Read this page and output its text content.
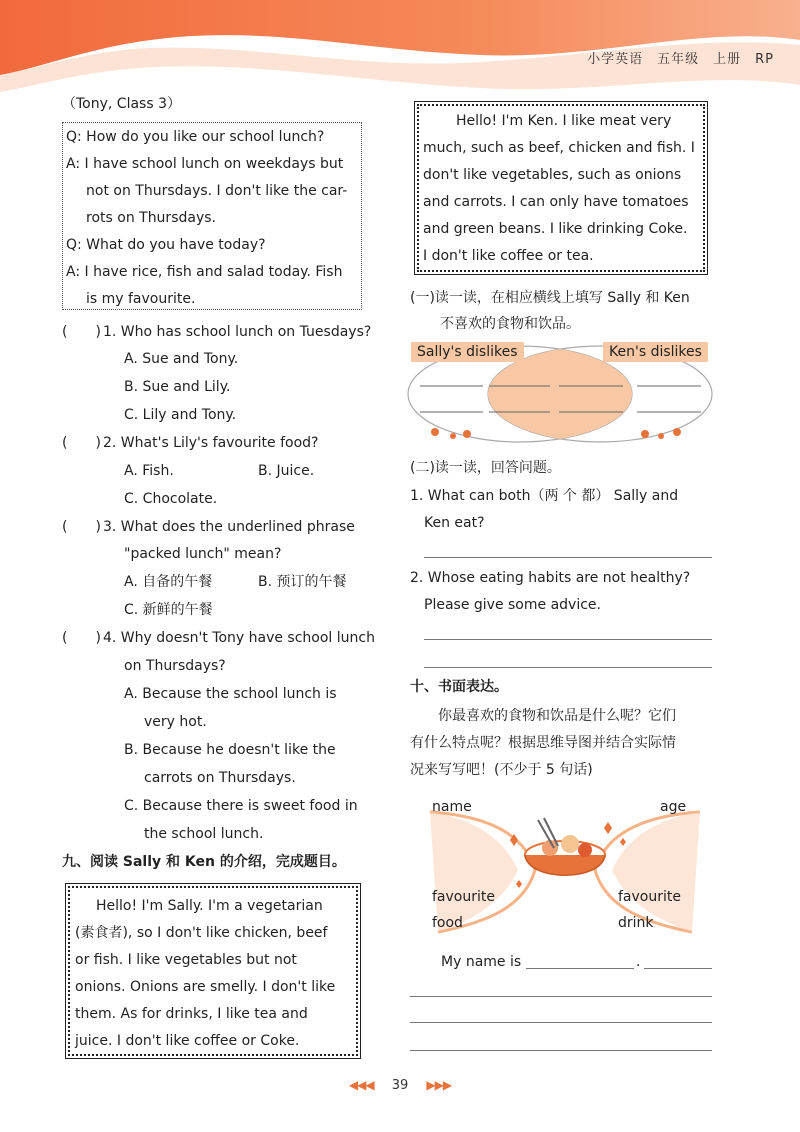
小学英语　五年级　上册　RP
（Tony, Class 3）
Q: How do you like our school lunch?
A: I have school lunch on weekdays but
not on Thursdays. I don't like the car-
rots on Thursdays.
Q: What do you have today?
A: I have rice, fish and salad today. Fish
is my favourite.
(　　) 1. Who has school lunch on Tuesdays?
A. Sue and Tony.
B. Sue and Lily.
C. Lily and Tony.
(　　) 2. What's Lily's favourite food?
A. Fish.	B. Juice.
C. Chocolate.
(　　) 3. What does the underlined phrase
"packed lunch" mean?
A. 自备的午餐	B. 预订的午餐
C. 新鲜的午餐
(　　) 4. Why doesn't Tony have school lunch
on Thursdays?
A. Because the school lunch is
very hot.
B. Because he doesn't like the
carrots on Thursdays.
C. Because there is sweet food in
the school lunch.
九、阅读 Sally 和 Ken 的介绍，完成题目。
Hello! I'm Sally. I'm a vegetarian
(素食者), so I don't like chicken, beef
or fish. I like vegetables but not
onions. Onions are smelly. I don't like
them. As for drinks, I like tea and
juice. I don't like coffee or Coke.
Hello! I'm Ken. I like meat very
much, such as beef, chicken and fish. I
don't like vegetables, such as onions
and carrots. I can only have tomatoes
and green beans. I like drinking Coke.
I don't like coffee or tea.
(一)读一读，在相应横线上填写 Sally 和 Ken
不喜欢的食物和饮品。
Sally's dislikes	Ken's dislikes
(二)读一读，回答问题。
1. What can both（两 个 都） Sally and
Ken eat?
2. Whose eating habits are not healthy?
Please give some advice.
十、书面表达。
你最喜欢的食物和饮品是什么呢？它们
有什么特点呢？根据思维导图并结合实际情
况来写写吧！(不少于 5 句话)
name	age
favourite
food
favourite
drink
My name is	.
◀◀◀ 39 ▶▶▶
